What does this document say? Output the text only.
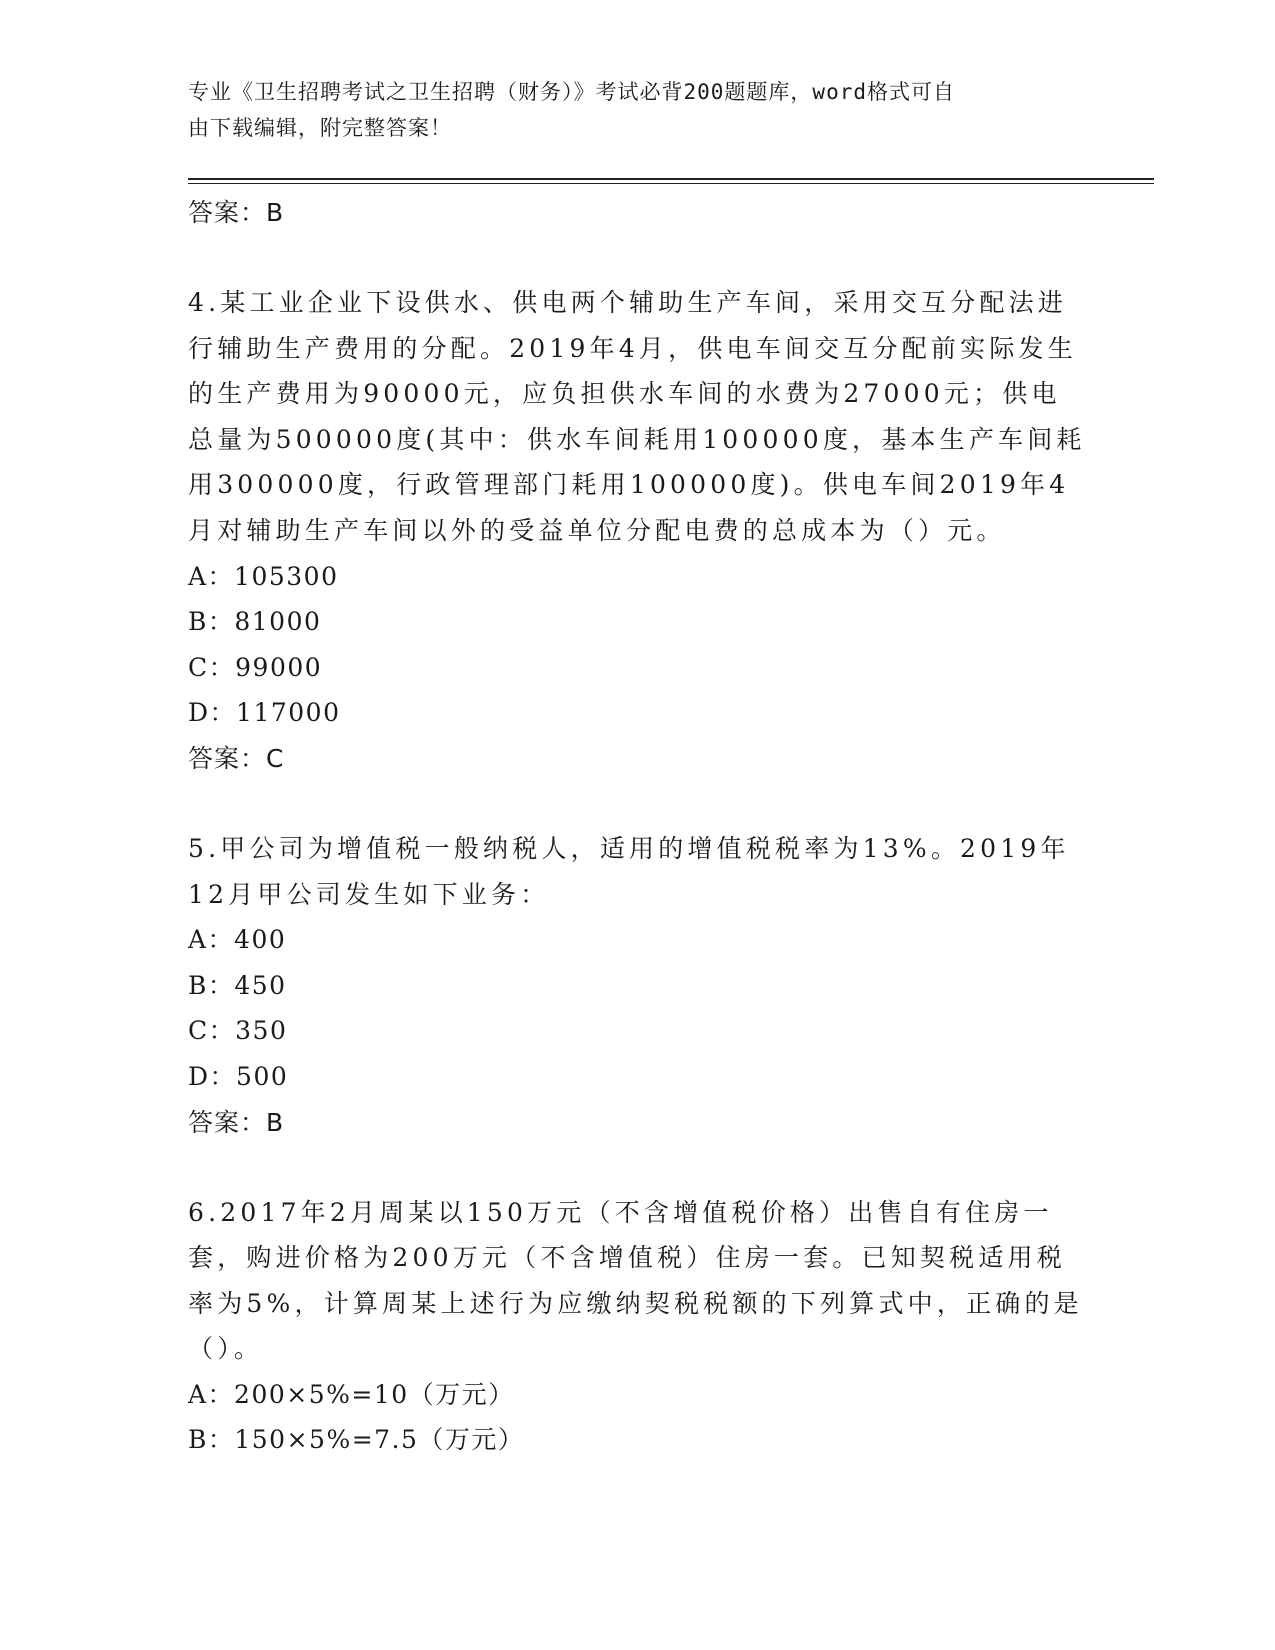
专业《卫生招聘考试之卫生招聘（财务）》考试必背200题题库，word格式可自
由下载编辑，附完整答案！
答案：B

4.某工业企业下设供水、供电两个辅助生产车间，采用交互分配法进行辅助生产费用的分配。2019年4月，供电车间交互分配前实际发生的生产费用为90000元，应负担供水车间的水费为27000元；供电总量为500000度(其中：供水车间耗用100000度，基本生产车间耗用300000度，行政管理部门耗用100000度)。供电车间2019年4月对辅助生产车间以外的受益单位分配电费的总成本为（）元。

A：105300
B：81000
C：99000
D：117000
答案：C

5.甲公司为增值税一般纳税人，适用的增值税税率为13%。2019年12月甲公司发生如下业务：

A：400
B：450
C：350
D：500
答案：B

6.2017年2月周某以150万元（不含增值税价格）出售自有住房一套，购进价格为200万元（不含增值税）住房一套。已知契税适用税率为5%，计算周某上述行为应缴纳契税税额的下列算式中，正确的是（）。

A：200×5%=10（万元）
B：150×5%=7.5（万元）
